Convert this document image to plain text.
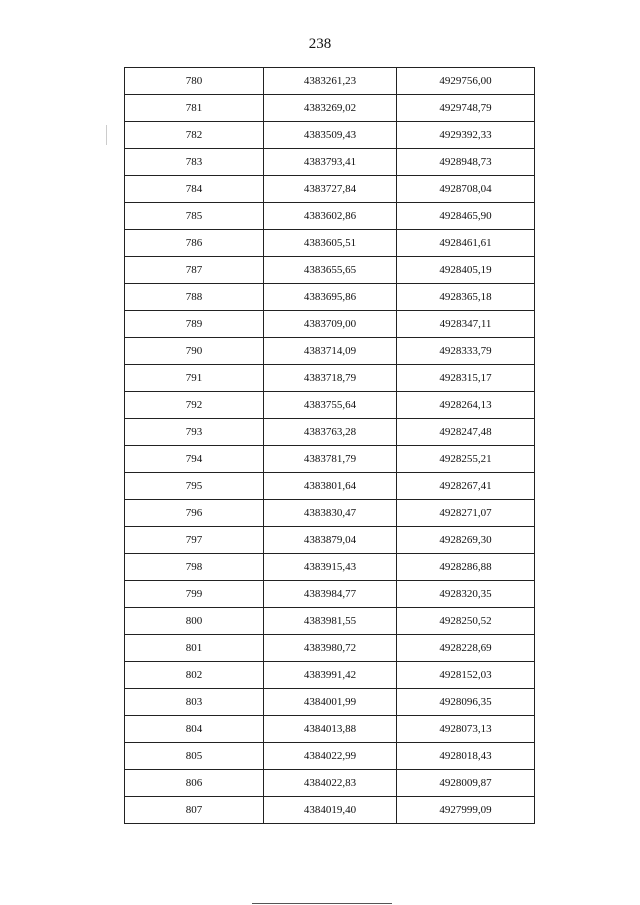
238
780	4383261,23	4929756,00
781	4383269,02	4929748,79
782	4383509,43	4929392,33
783	4383793,41	4928948,73
784	4383727,84	4928708,04
785	4383602,86	4928465,90
786	4383605,51	4928461,61
787	4383655,65	4928405,19
788	4383695,86	4928365,18
789	4383709,00	4928347,11
790	4383714,09	4928333,79
791	4383718,79	4928315,17
792	4383755,64	4928264,13
793	4383763,28	4928247,48
794	4383781,79	4928255,21
795	4383801,64	4928267,41
796	4383830,47	4928271,07
797	4383879,04	4928269,30
798	4383915,43	4928286,88
799	4383984,77	4928320,35
800	4383981,55	4928250,52
801	4383980,72	4928228,69
802	4383991,42	4928152,03
803	4384001,99	4928096,35
804	4384013,88	4928073,13
805	4384022,99	4928018,43
806	4384022,83	4928009,87
807	4384019,40	4927999,09
